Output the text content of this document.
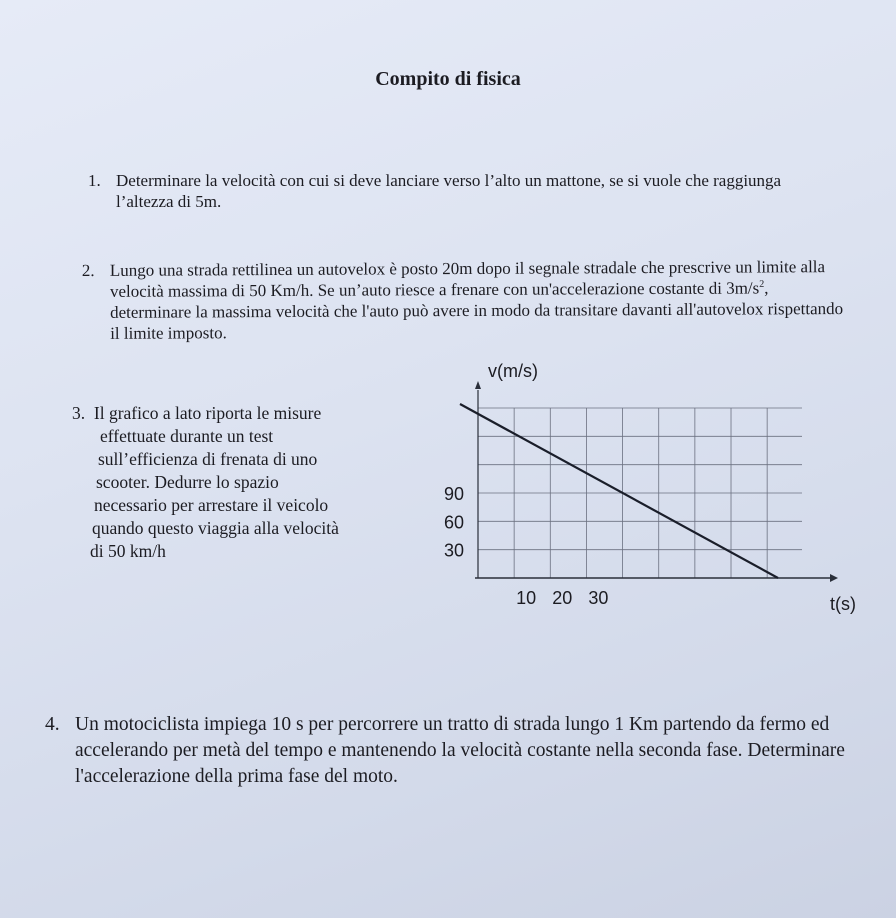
Compito di fisica
1. Determinare la velocità con cui si deve lanciare verso l’alto un mattone, se si vuole che raggiunga l’altezza di 5m.
2. Lungo una strada rettilinea un autovelox è posto 20m dopo il segnale stradale che prescrive un limite alla velocità massima di 50 Km/h. Se un’auto riesce a frenare con un'accelerazione costante di $3m/s^2$, determinare la massima velocità che l'auto può avere in modo da transitare davanti all'autovelox rispettando il limite imposto.
3. Il grafico a lato riporta le misure
effettuate durante un test
sull’efficienza di frenata di uno
scooter. Dedurre lo spazio
necessario per arrestare il veicolo
quando questo viaggia alla velocità
di 50 km/h
v(m/s)
t(s)
90
60
30
10 20 30
4. Un motociclista impiega 10 s per percorrere un tratto di strada lungo 1 Km partendo da fermo ed accelerando per metà del tempo e mantenendo la velocità costante nella seconda fase. Determinare l'accelerazione della prima fase del moto.
